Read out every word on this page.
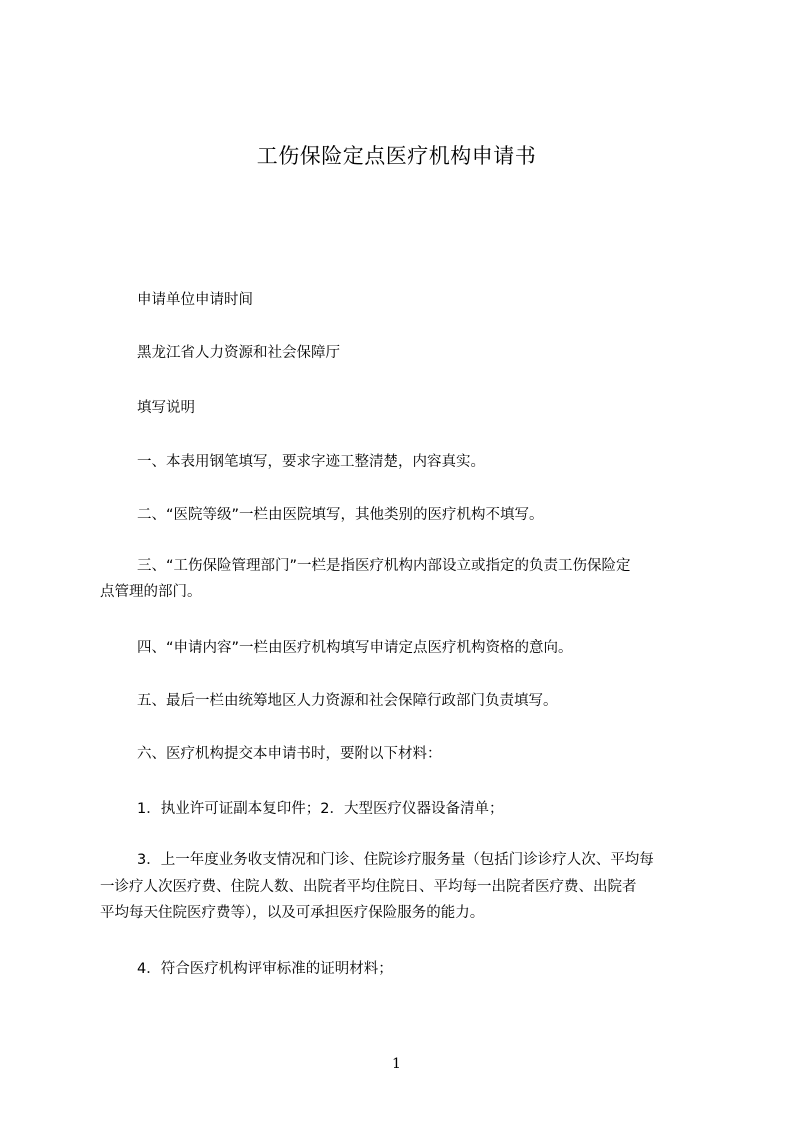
工伤保险定点医疗机构申请书
申请单位申请时间
黑龙江省人力资源和社会保障厅
填写说明
一、本表用钢笔填写，要求字迹工整清楚，内容真实。
二、“医院等级”一栏由医院填写，其他类别的医疗机构不填写。
三、“工伤保险管理部门”一栏是指医疗机构内部设立或指定的负责工伤保险定
点管理的部门。
四、“申请内容”一栏由医疗机构填写申请定点医疗机构资格的意向。
五、最后一栏由统筹地区人力资源和社会保障行政部门负责填写。
六、医疗机构提交本申请书时，要附以下材料：
1．执业许可证副本复印件；2．大型医疗仪器设备清单；
3．上一年度业务收支情况和门诊、住院诊疗服务量（包括门诊诊疗人次、平均每
一诊疗人次医疗费、住院人数、出院者平均住院日、平均每一出院者医疗费、出院者
平均每天住院医疗费等），以及可承担医疗保险服务的能力。
4．符合医疗机构评审标准的证明材料；
1
